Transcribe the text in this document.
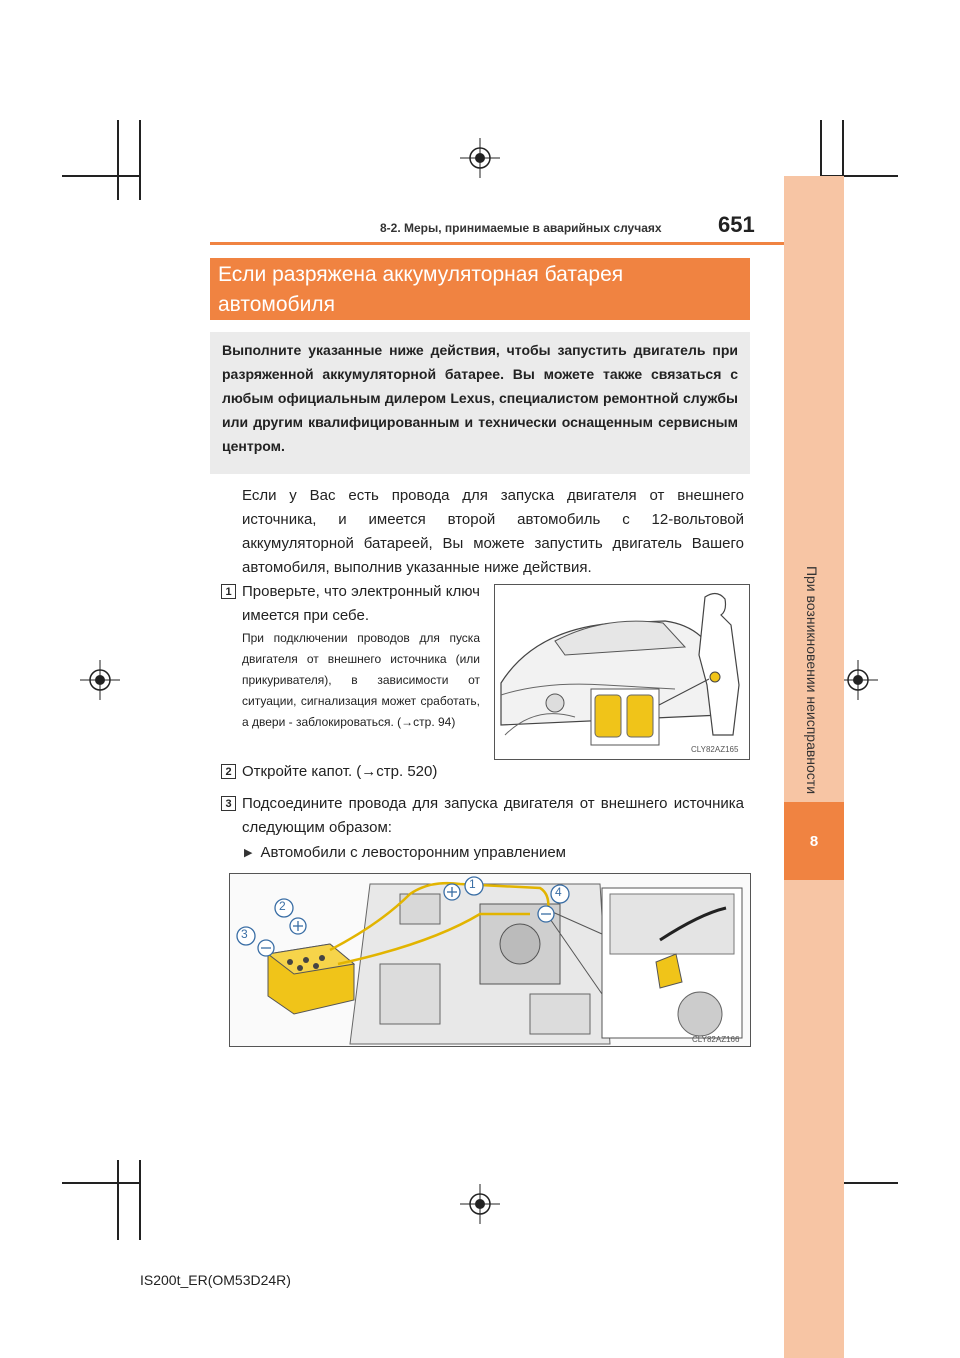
При возникновении неисправности
8
8-2. Меры, принимаемые в аварийных случаях	651
Если разряжена аккумуляторная батарея
автомобиля
Выполните указанные ниже действия, чтобы запустить двигатель при разряженной аккумуляторной батарее. Вы можете также связаться с любым официальным дилером Lexus, специалистом ремонтной службы или другим квалифицированным и технически оснащенным сервисным центром.
Если у Вас есть провода для запуска двигателя от внешнего источника, и имеется второй автомобиль с 12-вольтовой аккумуляторной батареей, Вы можете запустить двигатель Вашего автомобиля, выполнив указанные ниже действия.
1 Проверьте, что электронный ключ имеется при себе.
При подключении проводов для пуска двигателя от внешнего источника (или прикуривателя), в зависимости от ситуации, сигнализация может сработать, а двери - заблокироваться. (→стр. 94)
CLY82AZ165
2 Откройте капот. (→стр. 520)
3 Подсоедините провода для запуска двигателя от внешнего источника следующим образом:
▶ Автомобили с левосторонним управлением
1
2
3
4
CLY82AZ166
IS200t_ER(OM53D24R)
